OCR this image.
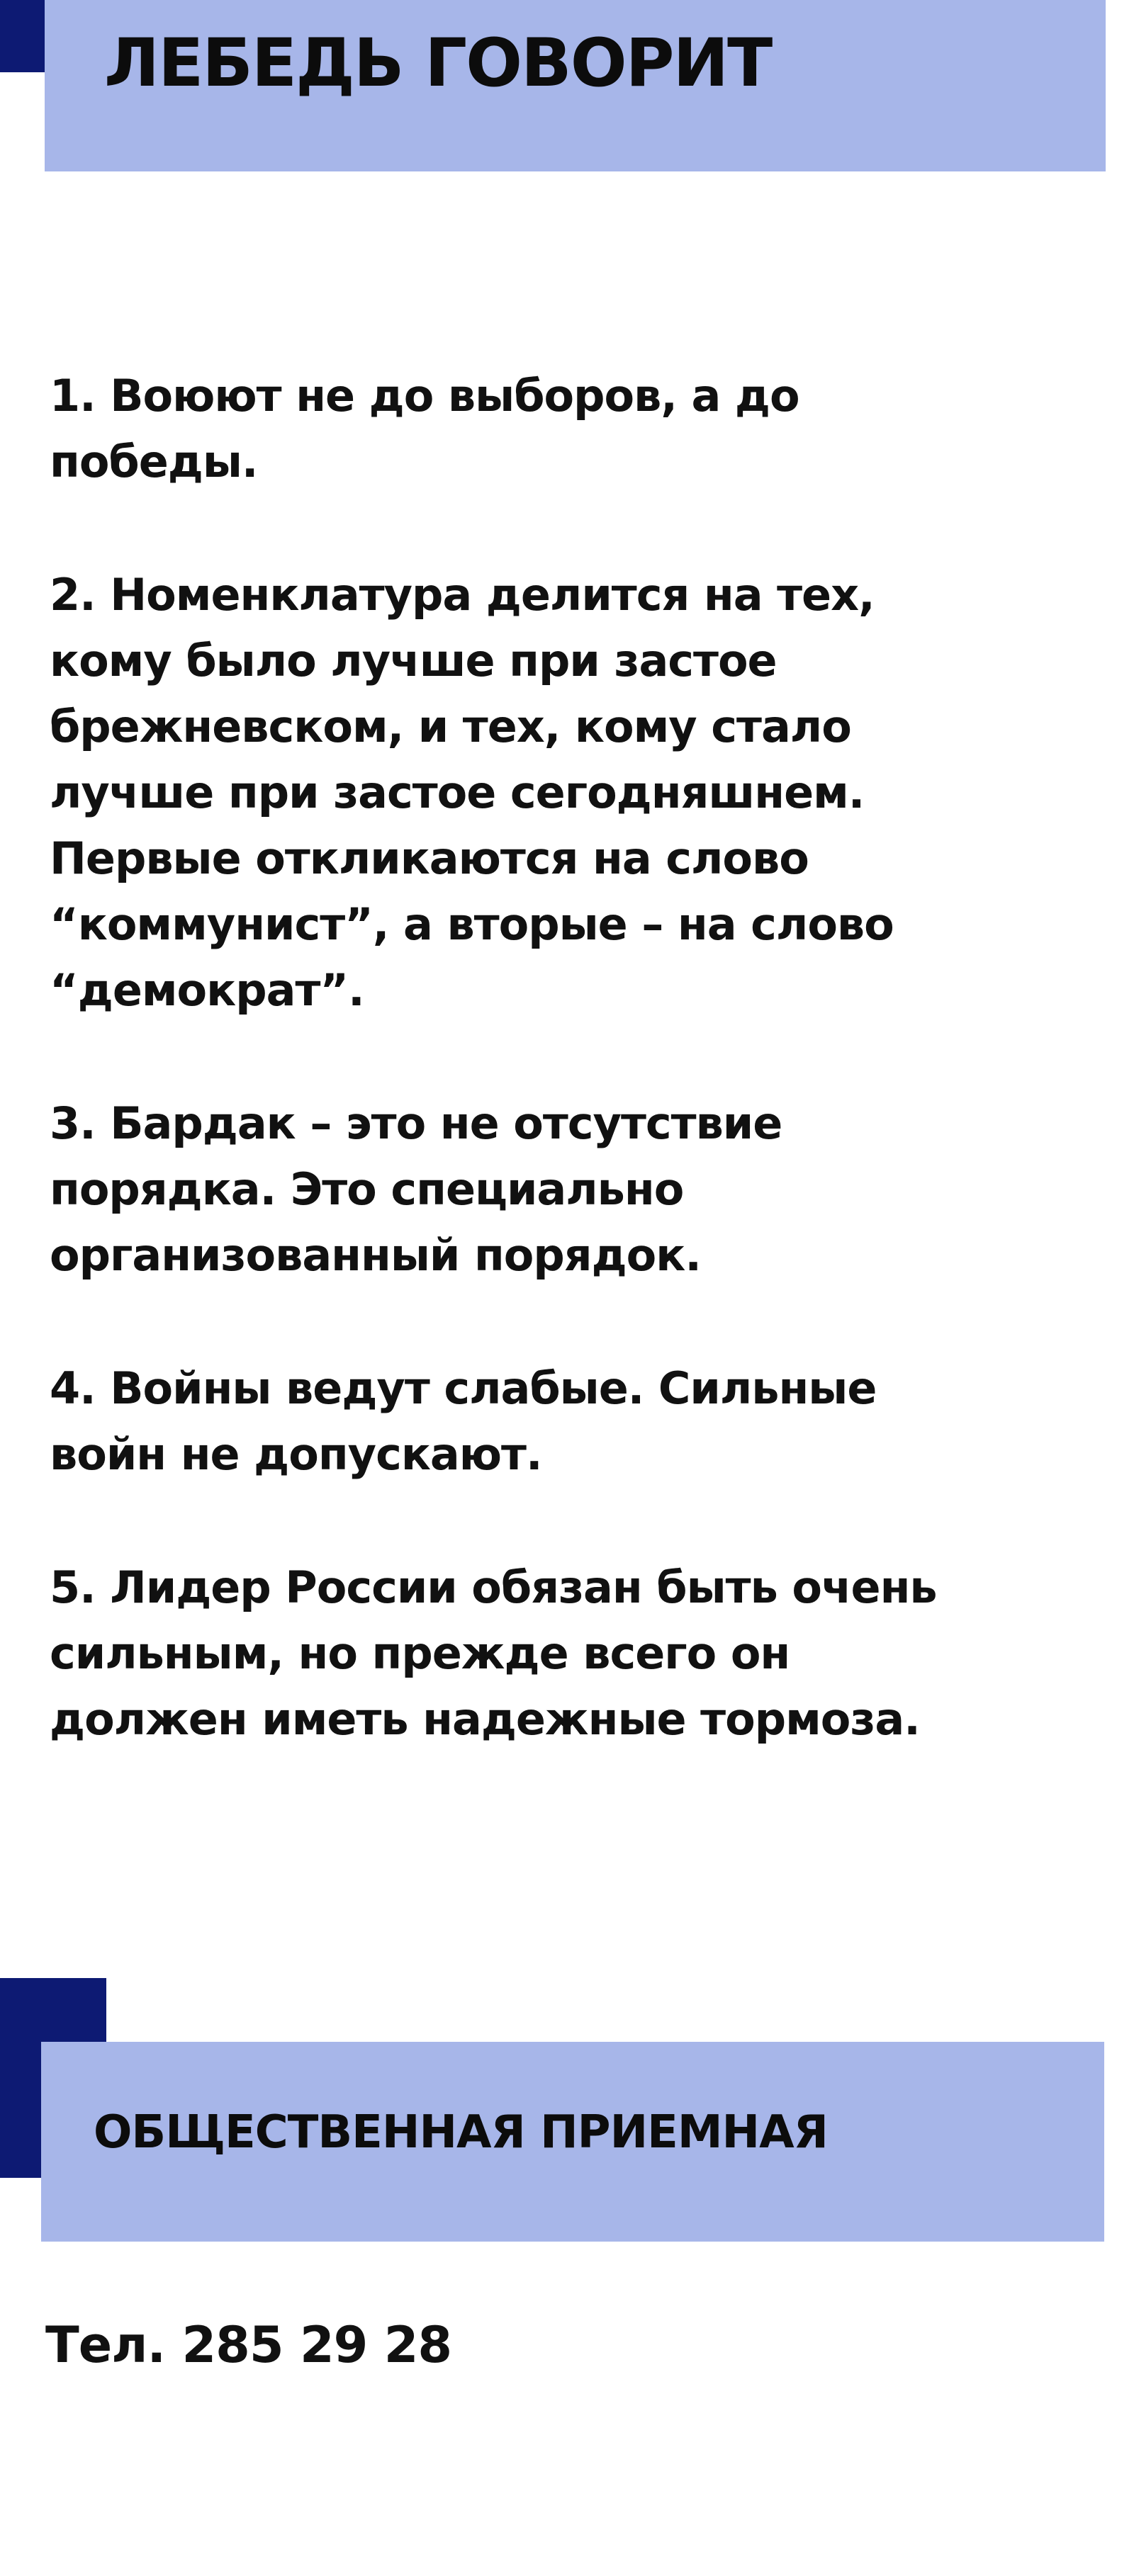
ЛЕБЕДЬ ГОВОРИТ
1. Воюют не до выборов, а до
победы.
2. Номенклатура делится на тех,
кому было лучше при застое
брежневском, и тех, кому стало
лучше при застое сегодняшнем.
Первые откликаются на слово
“коммунист”, а вторые – на слово
“демократ”.
3. Бардак – это не отсутствие
порядка. Это специально
организованный порядок.
4. Войны ведут слабые. Сильные
войн не допускают.
5. Лидер России обязан быть очень
сильным, но прежде всего он
должен иметь надежные тормоза.
ОБЩЕСТВЕННАЯ ПРИЕМНАЯ

Тел. 285 29 28
